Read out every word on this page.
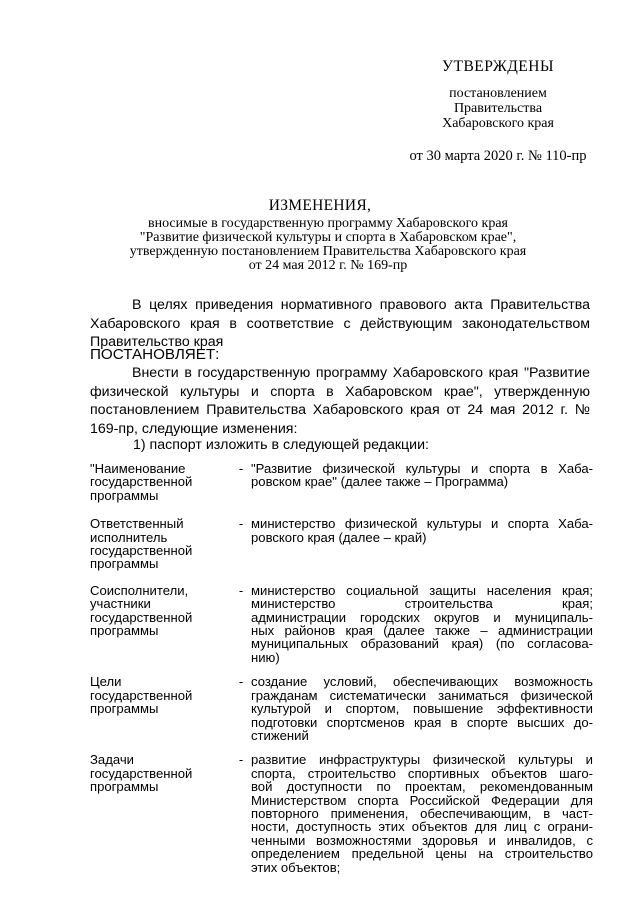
УТВЕРЖДЕНЫ
постановлением
Правительства
Хабаровского края
от 30 марта 2020 г. № 110-пр
ИЗМЕНЕНИЯ,
вносимые в государственную программу Хабаровского края
"Развитие физической культуры и спорта в Хабаровском крае",
утвержденную постановлением Правительства Хабаровского края
от 24 мая 2012 г. № 169-пр
В целях приведения нормативного правового акта Правительства Хабаровского края в соответствие с действующим законодательством Правительство края
ПОСТАНОВЛЯЕТ:
Внести в государственную программу Хабаровского края "Развитие физической культуры и спорта в Хабаровском крае", утвержденную постановлением Правительства Хабаровского края от 24 мая 2012 г. № 169-пр, следующие изменения:
1) паспорт изложить в следующей редакции:
"Наименование
государственной
программы
- "Развитие физической культуры и спорта в Хаба-
ровском крае" (далее также – Программа)
Ответственный
исполнитель
государственной
программы
- министерство физической культуры и спорта Хаба-
ровского края (далее – край)
Соисполнители,
участники
государственной
программы
- министерство социальной защиты населения края;
министерство строительства края;
администрации городских округов и муниципаль-
ных районов края (далее также – администрации
муниципальных образований края) (по согласова-
нию)
Цели
государственной
программы
- создание условий, обеспечивающих возможность
гражданам систематически заниматься физической
культурой и спортом, повышение эффективности
подготовки спортсменов края в спорте высших до-
стижений
Задачи
государственной
программы
- развитие инфраструктуры физической культуры и
спорта, строительство спортивных объектов шаго-
вой доступности по проектам, рекомендованным
Министерством спорта Российской Федерации для
повторного применения, обеспечивающим, в част-
ности, доступность этих объектов для лиц с ограни-
ченными возможностями здоровья и инвалидов, с
определением предельной цены на строительство
этих объектов;
